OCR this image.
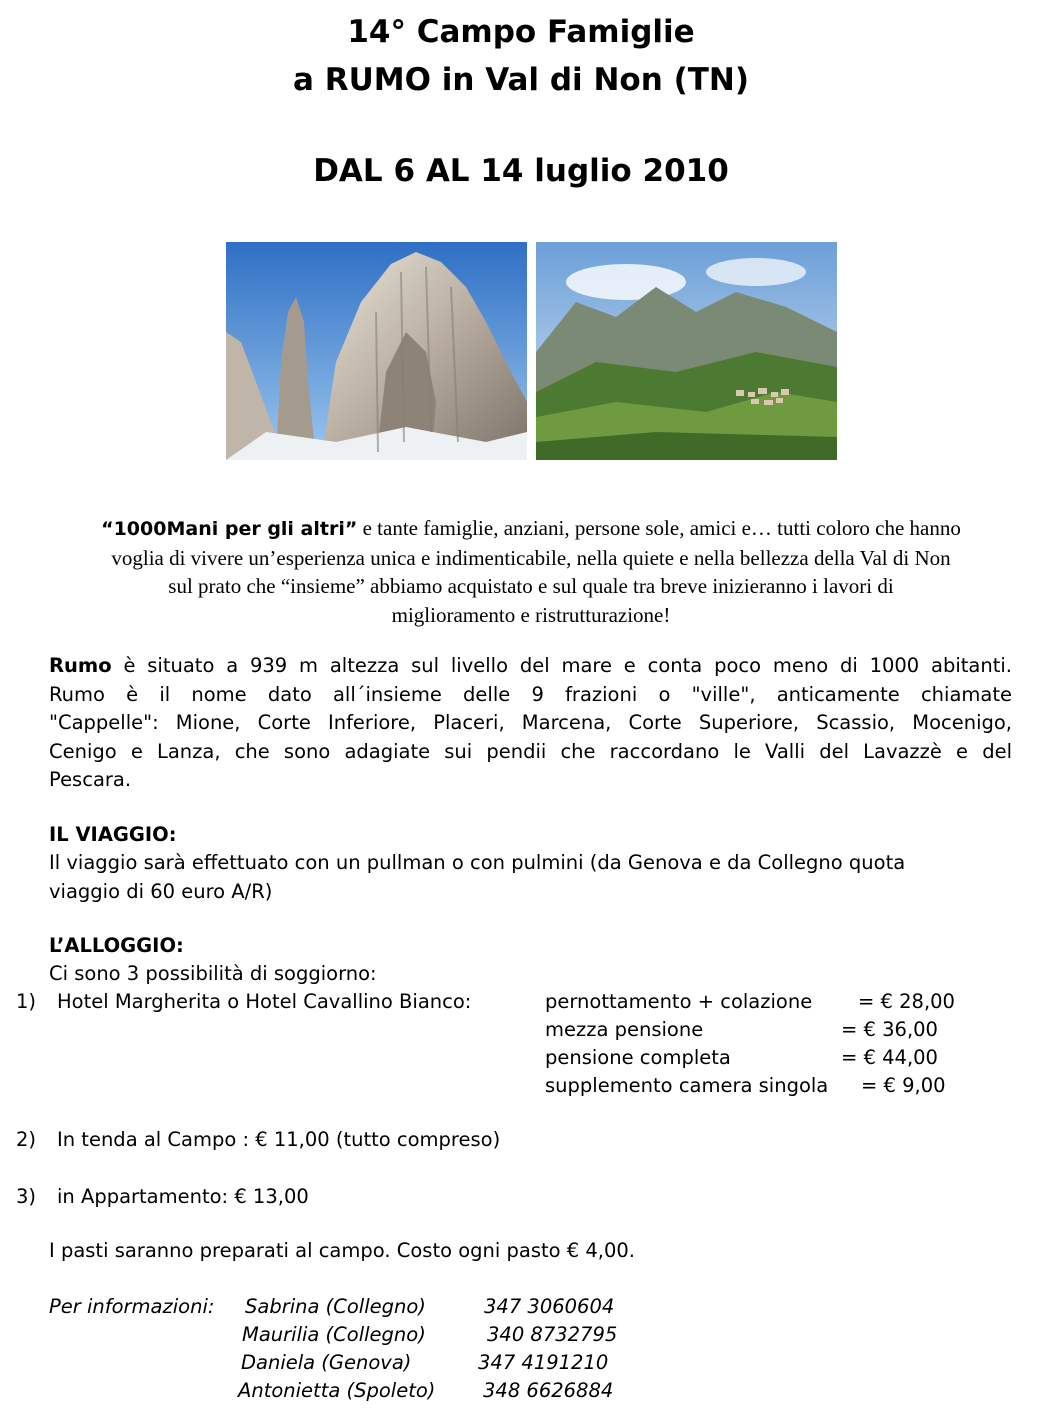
14° Campo Famiglie
a RUMO in Val di Non (TN)
DAL 6 AL 14 luglio 2010
“1000Mani per gli altri” e tante famiglie, anziani, persone sole, amici e… tutti coloro che hanno
voglia di vivere un’esperienza unica e indimenticabile, nella quiete e nella bellezza della Val di Non
sul prato che “insieme” abbiamo acquistato e sul quale tra breve inizieranno i lavori di
miglioramento e ristrutturazione!
Rumo è situato a 939 m altezza sul livello del mare e conta poco meno di 1000 abitanti.
Rumo è il nome dato all´insieme delle 9 frazioni o "ville", anticamente chiamate
"Cappelle": Mione, Corte Inferiore, Placeri, Marcena, Corte Superiore, Scassio, Mocenigo,
Cenigo e Lanza, che sono adagiate sui pendii che raccordano le Valli del Lavazzè e del
Pescara.
IL VIAGGIO:
Il viaggio sarà effettuato con un pullman o con pulmini (da Genova e da Collegno quota
viaggio di 60 euro A/R)
L’ALLOGGIO:
Ci sono 3 possibilità di soggiorno:
1) Hotel Margherita o Hotel Cavallino Bianco:	pernottamento + colazione = € 28,00
mezza pensione	= € 36,00
pensione completa	= € 44,00
supplemento camera singola = € 9,00
2) In tenda al Campo : € 11,00 (tutto compreso)
3) in Appartamento: € 13,00
I pasti saranno preparati al campo. Costo ogni pasto € 4,00.
Per informazioni: Sabrina (Collegno)	347 3060604
Maurilia (Collegno)	340 8732795
Daniela (Genova)	347 4191210
Antonietta (Spoleto) 348 6626884
